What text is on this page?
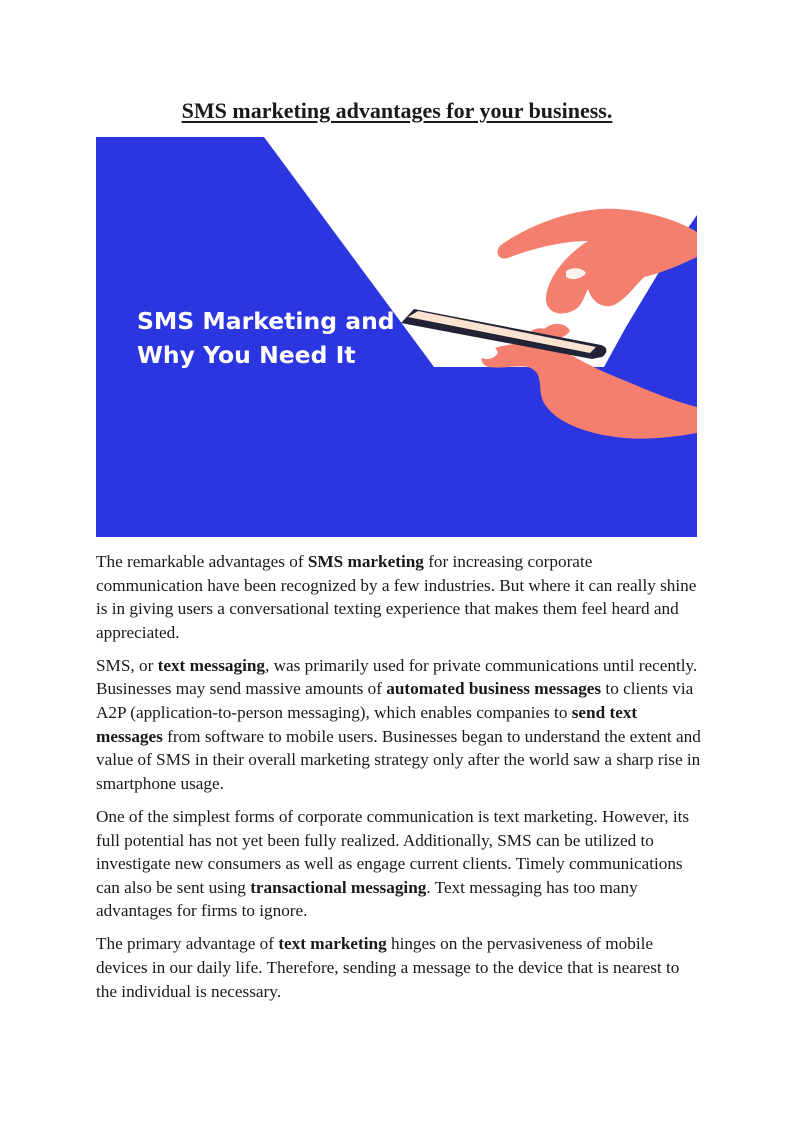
SMS marketing advantages for your business.
SMS Marketing and
Why You Need It

The remarkable advantages of SMS marketing for increasing corporate communication have been recognized by a few industries. But where it can really shine is in giving users a conversational texting experience that makes them feel heard and appreciated.

SMS, or text messaging, was primarily used for private communications until recently. Businesses may send massive amounts of automated business messages to clients via A2P (application-to-person messaging), which enables companies to send text messages from software to mobile users. Businesses began to understand the extent and value of SMS in their overall marketing strategy only after the world saw a sharp rise in smartphone usage.

One of the simplest forms of corporate communication is text marketing. However, its full potential has not yet been fully realized. Additionally, SMS can be utilized to investigate new consumers as well as engage current clients. Timely communications can also be sent using transactional messaging. Text messaging has too many advantages for firms to ignore.

The primary advantage of text marketing hinges on the pervasiveness of mobile devices in our daily life. Therefore, sending a message to the device that is nearest to the individual is necessary.
